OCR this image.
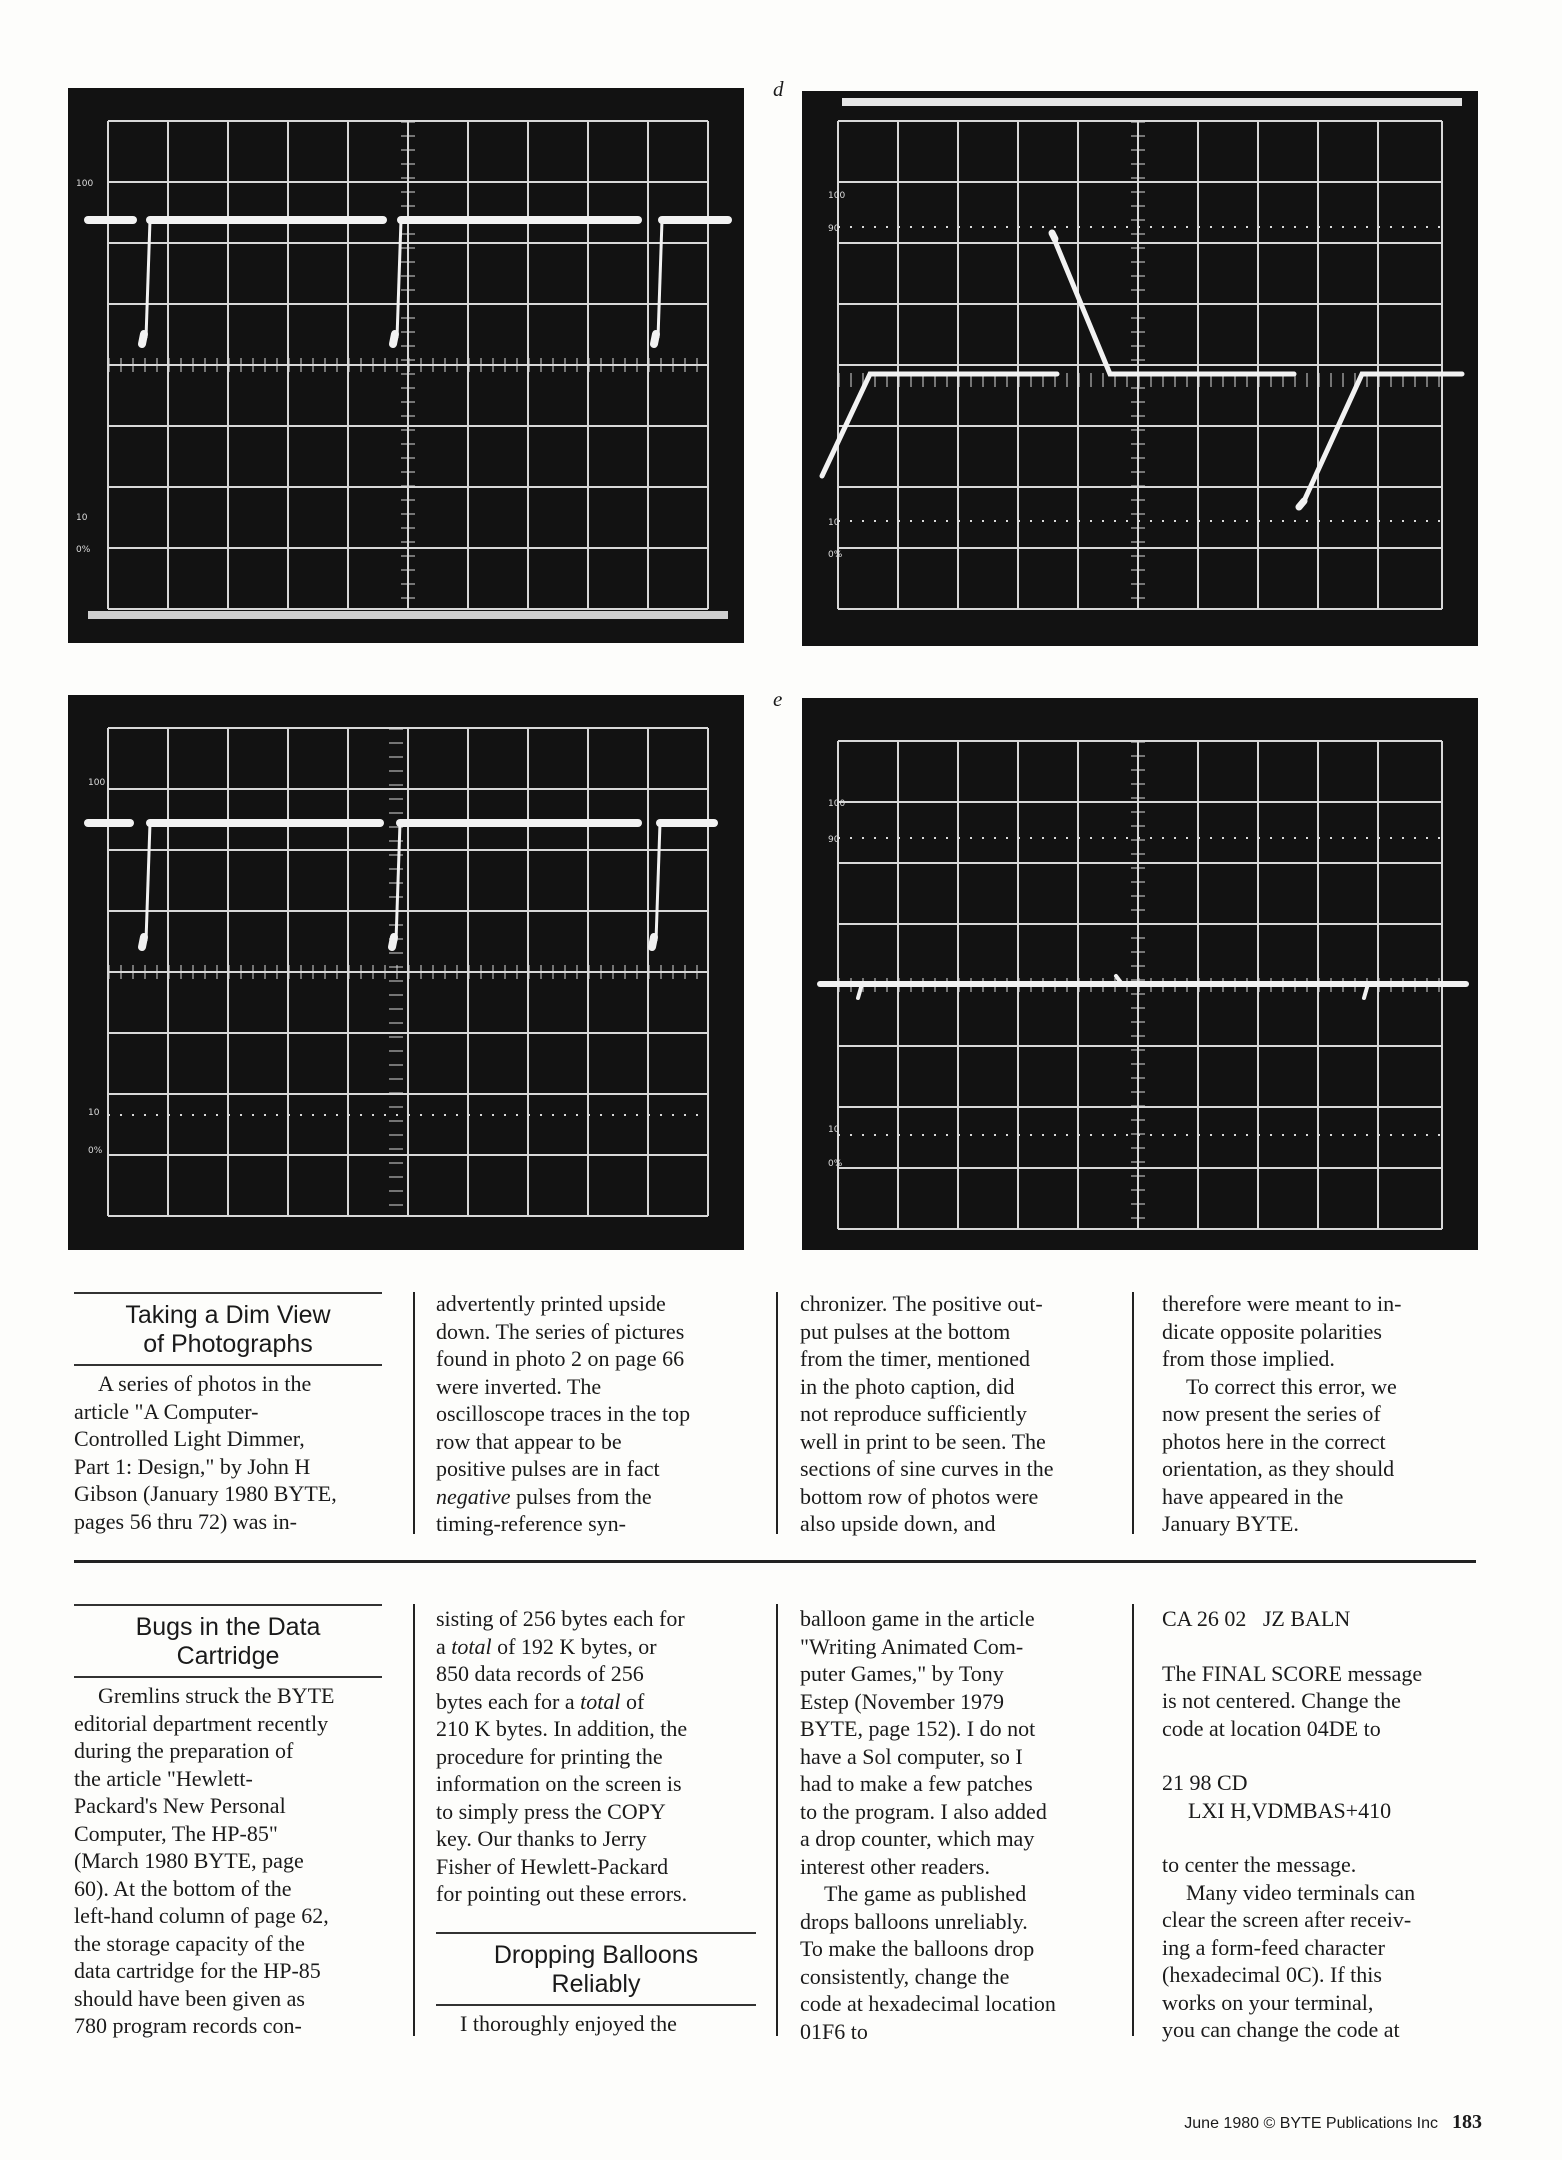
100
10
0%
d
100
90
10
0%
e
100
10
0%
100
90
10
0%
Taking a Dim View
of Photographs

A series of photos in the

article "A Computer-

Controlled Light Dimmer,

Part 1: Design," by John H

Gibson (January 1980 BYTE,

pages 56 thru 72) was in-

advertently printed upside

down. The series of pictures

found in photo 2 on page 66

were inverted. The

oscilloscope traces in the top

row that appear to be

positive pulses are in fact

negative pulses from the

timing-reference syn-

chronizer. The positive out-

put pulses at the bottom

from the timer, mentioned

in the photo caption, did

not reproduce sufficiently

well in print to be seen. The

sections of sine curves in the

bottom row of photos were

also upside down, and

therefore were meant to in-

dicate opposite polarities

from those implied.

To correct this error, we

now present the series of

photos here in the correct

orientation, as they should

have appeared in the

January BYTE.

Bugs in the Data
Cartridge

Gremlins struck the BYTE

editorial department recently

during the preparation of

the article "Hewlett-

Packard's New Personal

Computer, The HP-85"

(March 1980 BYTE, page

60). At the bottom of the

left-hand column of page 62,

the storage capacity of the

data cartridge for the HP-85

should have been given as

780 program records con-

sisting of 256 bytes each for

a total of 192 K bytes, or

850 data records of 256

bytes each for a total of

210 K bytes. In addition, the

procedure for printing the

information on the screen is

to simply press the COPY

key. Our thanks to Jerry

Fisher of Hewlett-Packard

for pointing out these errors.

Dropping Balloons
Reliably

I thoroughly enjoyed the

balloon game in the article

"Writing Animated Com-

puter Games," by Tony

Estep (November 1979

BYTE, page 152). I do not

have a Sol computer, so I

had to make a few patches

to the program. I also added

a drop counter, which may

interest other readers.

The game as published

drops balloons unreliably.

To make the balloons drop

consistently, change the

code at hexadecimal location

01F6 to

CA 26 02   JZ BALN

The FINAL SCORE message

is not centered. Change the

code at location 04DE to

21 98 CD

LXI H,VDMBAS+410

to center the message.

Many video terminals can

clear the screen after receiv-

ing a form-feed character

(hexadecimal 0C). If this

works on your terminal,

you can change the code at

June 1980 © BYTE Publications Inc 183
